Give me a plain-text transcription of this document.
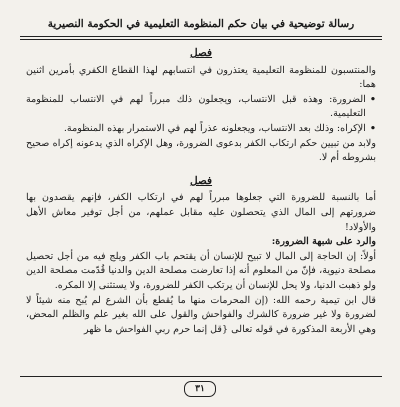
رسالة توضيحية في بيان حكم المنظومة التعليمية في الحكومة النصيرية
فصل

والمنتسبون للمنظومة التعليمية يعتذرون في انتسابهم لهذا القطاع الكفري بأمرين اثنين هما:

•
الضرورة: وهذه قبل الانتساب، ويجعلون ذلك مبرراً لهم في الانتساب للمنظومة التعليمية.
•
الإكراه: وذلك بعد الانتساب، ويجعلونه عذراً لهم في الاستمرار بهذه المنظومة.

ولابد من تبيين حكم ارتكاب الكفر بدعوى الضرورة، وهل الإكراه الذي يدعونه إكراه صحيح بشروطه أم لا.

فصل

أما بالنسبة للضرورة التي جعلوها مبرراً لهم في ارتكاب الكفر، فإنهم يقصدون بها ضرورتهم إلى المال الذي يتحصلون عليه مقابل عملهم، من أجل توفير معاش الأهل والأولاد!

والرد على شبهة الضرورة:

أولاً: إن الحاجة إلى المال لا تبيح للإنسان أن يقتحم باب الكفر ويلج فيه من أجل تحصيل مصلحة دنيوية، فإنّ من المعلوم أنه إذا تعارضت مصلحة الدين والدنيا قُدّمت مصلحة الدين ولو ذهبت الدنيا، ولا يحل للإنسان أن يرتكب الكفر للضرورة، ولا يستثنى إلا المكره.

قال ابن تيمية رحمه الله: (إن المحرمات منها ما يُقطع بأن الشرع لم يُبح منه شيئاً لا لضرورة ولا غير ضرورة كالشرك والفواحش والقول على الله بغير علم والظلم المحض، وهي الأربعة المذكورة في قوله تعالى {قل إنما حرم ربي الفواحش ما ظهر

٣١
